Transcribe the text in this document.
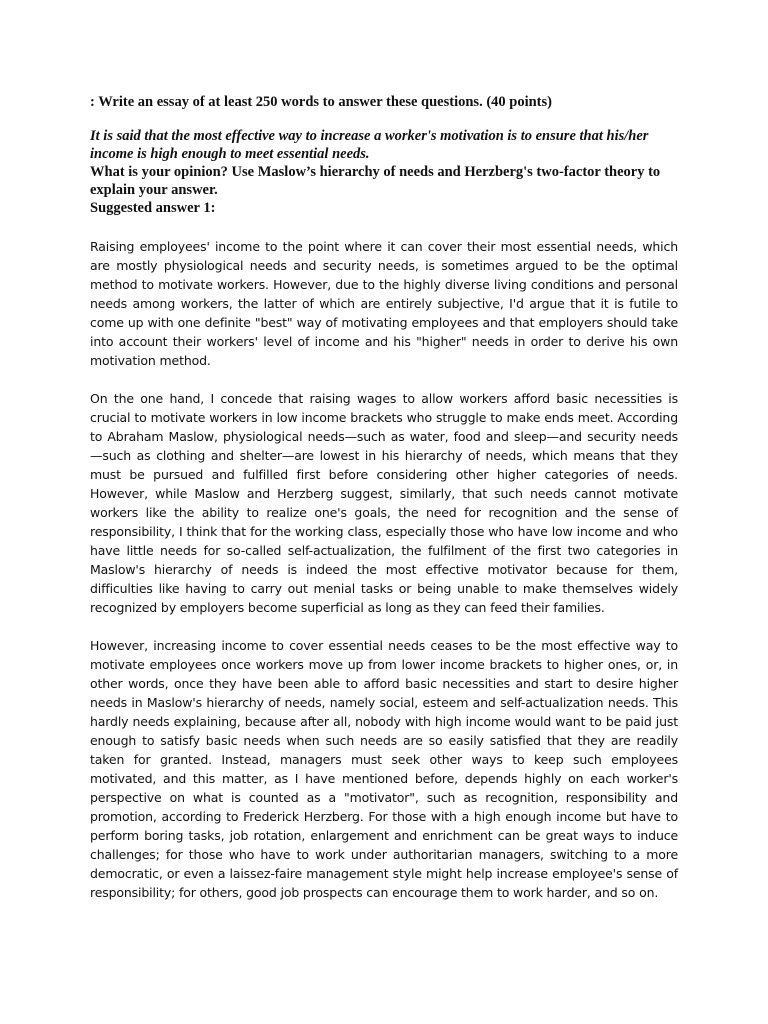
: Write an essay of at least 250 words to answer these questions. (40 points)

It is said that the most effective way to increase a worker's motivation is to ensure that his/her income is high enough to meet essential needs.

What is your opinion? Use Maslow’s hierarchy of needs and Herzberg's two-factor theory to explain your answer.

Suggested answer 1:

Raising employees' income to the point where it can cover their most essential needs, which are mostly physiological needs and security needs, is sometimes argued to be the optimal method to motivate workers. However, due to the highly diverse living conditions and personal needs among workers, the latter of which are entirely subjective, I'd argue that it is futile to come up with one definite "best" way of motivating employees and that employers should take into account their workers' level of income and his "higher" needs in order to derive his own motivation method.

On the one hand, I concede that raising wages to allow workers afford basic necessities is crucial to motivate workers in low income brackets who struggle to make ends meet. According to Abraham Maslow, physiological needs—such as water, food and sleep—and security needs —such as clothing and shelter—are lowest in his hierarchy of needs, which means that they must be pursued and fulfilled first before considering other higher categories of needs. However, while Maslow and Herzberg suggest, similarly, that such needs cannot motivate workers like the ability to realize one's goals, the need for recognition and the sense of responsibility, I think that for the working class, especially those who have low income and who have little needs for so-called self-actualization, the fulfilment of the first two categories in Maslow's hierarchy of needs is indeed the most effective motivator because for them, difficulties like having to carry out menial tasks or being unable to make themselves widely recognized by employers become superficial as long as they can feed their families.

However, increasing income to cover essential needs ceases to be the most effective way to motivate employees once workers move up from lower income brackets to higher ones, or, in other words, once they have been able to afford basic necessities and start to desire higher needs in Maslow's hierarchy of needs, namely social, esteem and self-actualization needs. This hardly needs explaining, because after all, nobody with high income would want to be paid just enough to satisfy basic needs when such needs are so easily satisfied that they are readily taken for granted. Instead, managers must seek other ways to keep such employees motivated, and this matter, as I have mentioned before, depends highly on each worker's perspective on what is counted as a "motivator", such as recognition, responsibility and promotion, according to Frederick Herzberg. For those with a high enough income but have to perform boring tasks, job rotation, enlargement and enrichment can be great ways to induce challenges; for those who have to work under authoritarian managers, switching to a more democratic, or even a laissez-faire management style might help increase employee's sense of responsibility; for others, good job prospects can encourage them to work harder, and so on.
